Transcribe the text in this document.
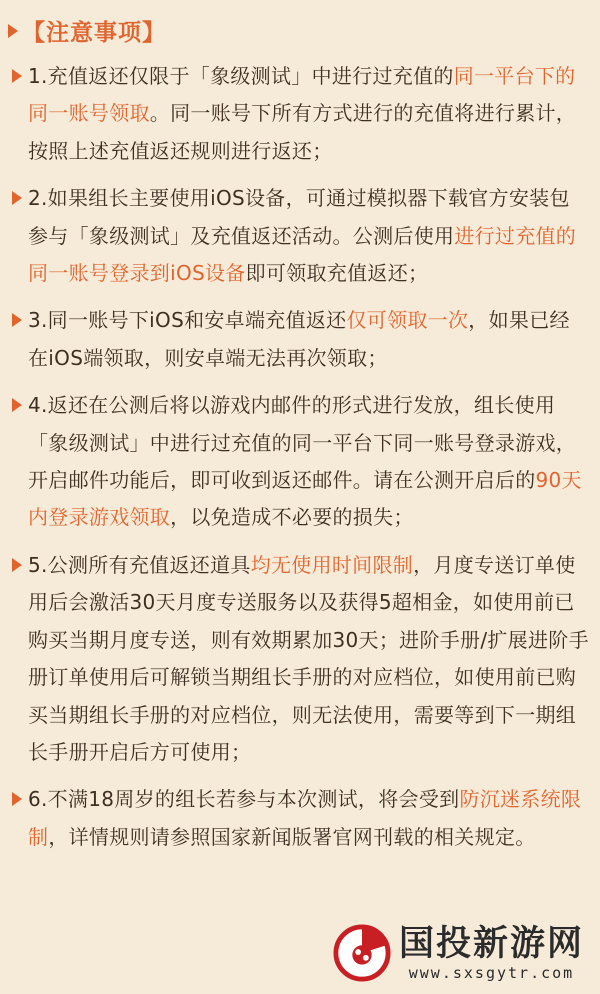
【注意事项】
1.充值返还仅限于「象级测试」中进行过充值的同一平台下的同一账号领取。同一账号下所有方式进行的充值将进行累计，按照上述充值返还规则进行返还；
2.如果组长主要使用iOS设备，可通过模拟器下载官方安装包参与「象级测试」及充值返还活动。公测后使用进行过充值的同一账号登录到iOS设备即可领取充值返还；
3.同一账号下iOS和安卓端充值返还仅可领取一次，如果已经在iOS端领取，则安卓端无法再次领取；
4.返还在公测后将以游戏内邮件的形式进行发放，组长使用「象级测试」中进行过充值的同一平台下同一账号登录游戏，开启邮件功能后，即可收到返还邮件。请在公测开启后的90天内登录游戏领取，以免造成不必要的损失；
5.公测所有充值返还道具均无使用时间限制，月度专送订单使用后会激活30天月度专送服务以及获得5超相金，如使用前已购买当期月度专送，则有效期累加30天；进阶手册/扩展进阶手册订单使用后可解锁当期组长手册的对应档位，如使用前已购买当期组长手册的对应档位，则无法使用，需要等到下一期组长手册开启后方可使用；
6.不满18周岁的组长若参与本次测试，将会受到防沉迷系统限制，详情规则请参照国家新闻版署官网刊载的相关规定。
国投新游网
www.sxsgytr.com
